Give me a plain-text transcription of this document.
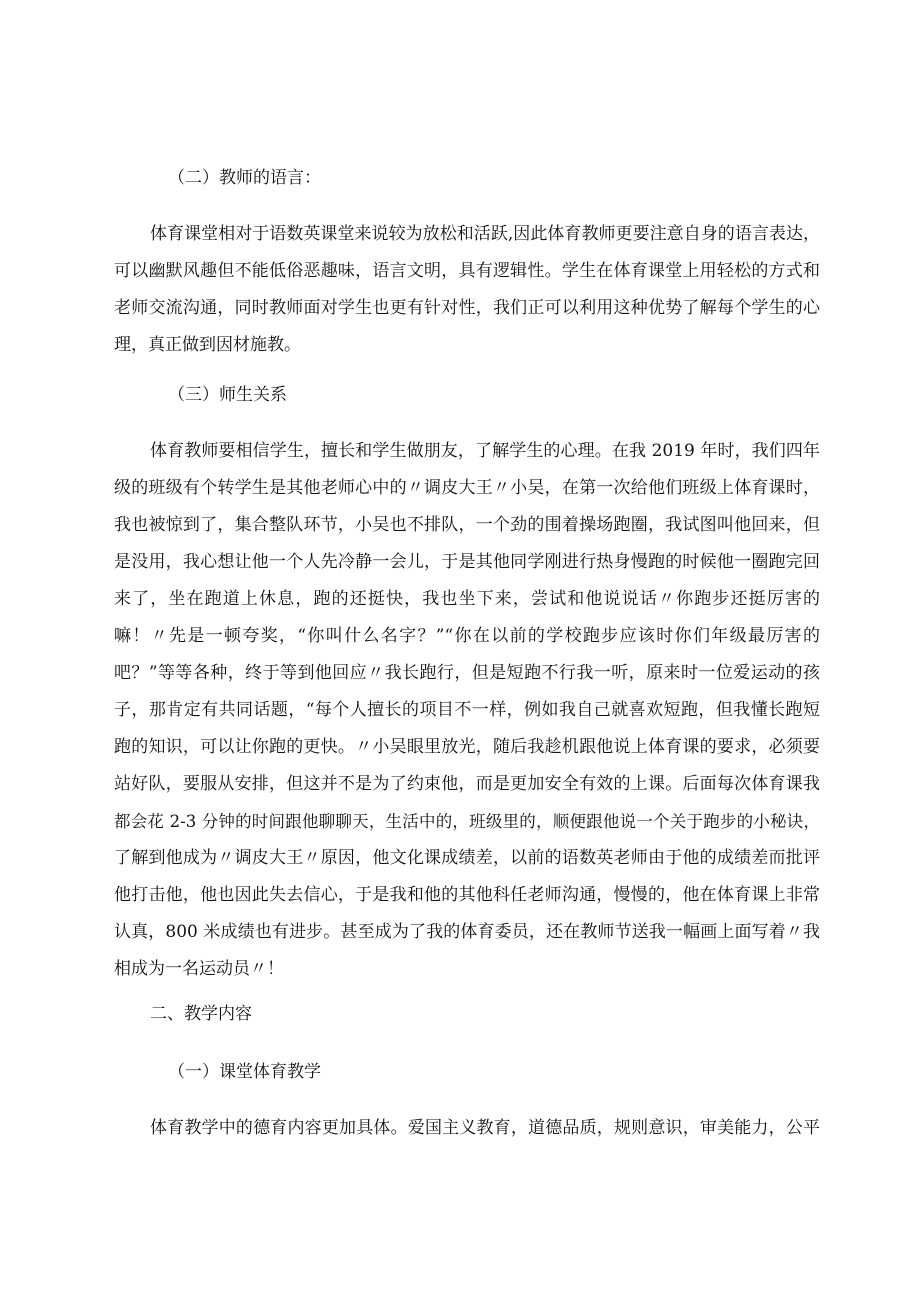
（二）教师的语言：
体育课堂相对于语数英课堂来说较为放松和活跃,因此体育教师更要注意自身的语言表达，
可以幽默风趣但不能低俗恶趣味，语言文明，具有逻辑性。学生在体育课堂上用轻松的方式和
老师交流沟通，同时教师面对学生也更有针对性，我们正可以利用这种优势了解每个学生的心
理，真正做到因材施教。
（三）师生关系
体育教师要相信学生，擅长和学生做朋友，了解学生的心理。在我 2019 年时，我们四年
级的班级有个转学生是其他老师心中的〃调皮大王〃小吴，在第一次给他们班级上体育课时，
我也被惊到了，集合整队环节，小吴也不排队，一个劲的围着操场跑圈，我试图叫他回来，但
是没用，我心想让他一个人先冷静一会儿，于是其他同学刚进行热身慢跑的时候他一圈跑完回
来了，坐在跑道上休息，跑的还挺快，我也坐下来，尝试和他说说话〃你跑步还挺厉害的
嘛！〃先是一顿夸奖，“你叫什么名字？”“你在以前的学校跑步应该时你们年级最厉害的
吧？”等等各种，终于等到他回应〃我长跑行，但是短跑不行我一听，原来时一位爱运动的孩
子，那肯定有共同话题，“每个人擅长的项目不一样，例如我自己就喜欢短跑，但我懂长跑短
跑的知识，可以让你跑的更快。〃小吴眼里放光，随后我趁机跟他说上体育课的要求，必须要
站好队，要服从安排，但这并不是为了约束他，而是更加安全有效的上课。后面每次体育课我
都会花 2-3 分钟的时间跟他聊聊天，生活中的，班级里的，顺便跟他说一个关于跑步的小秘诀，
了解到他成为〃调皮大王〃原因，他文化课成绩差，以前的语数英老师由于他的成绩差而批评
他打击他，他也因此失去信心，于是我和他的其他科任老师沟通，慢慢的，他在体育课上非常
认真，800 米成绩也有进步。甚至成为了我的体育委员，还在教师节送我一幅画上面写着〃我
相成为一名运动员〃！
二、教学内容
（一）课堂体育教学
体育教学中的德育内容更加具体。爱国主义教育，道德品质，规则意识，审美能力，公平
